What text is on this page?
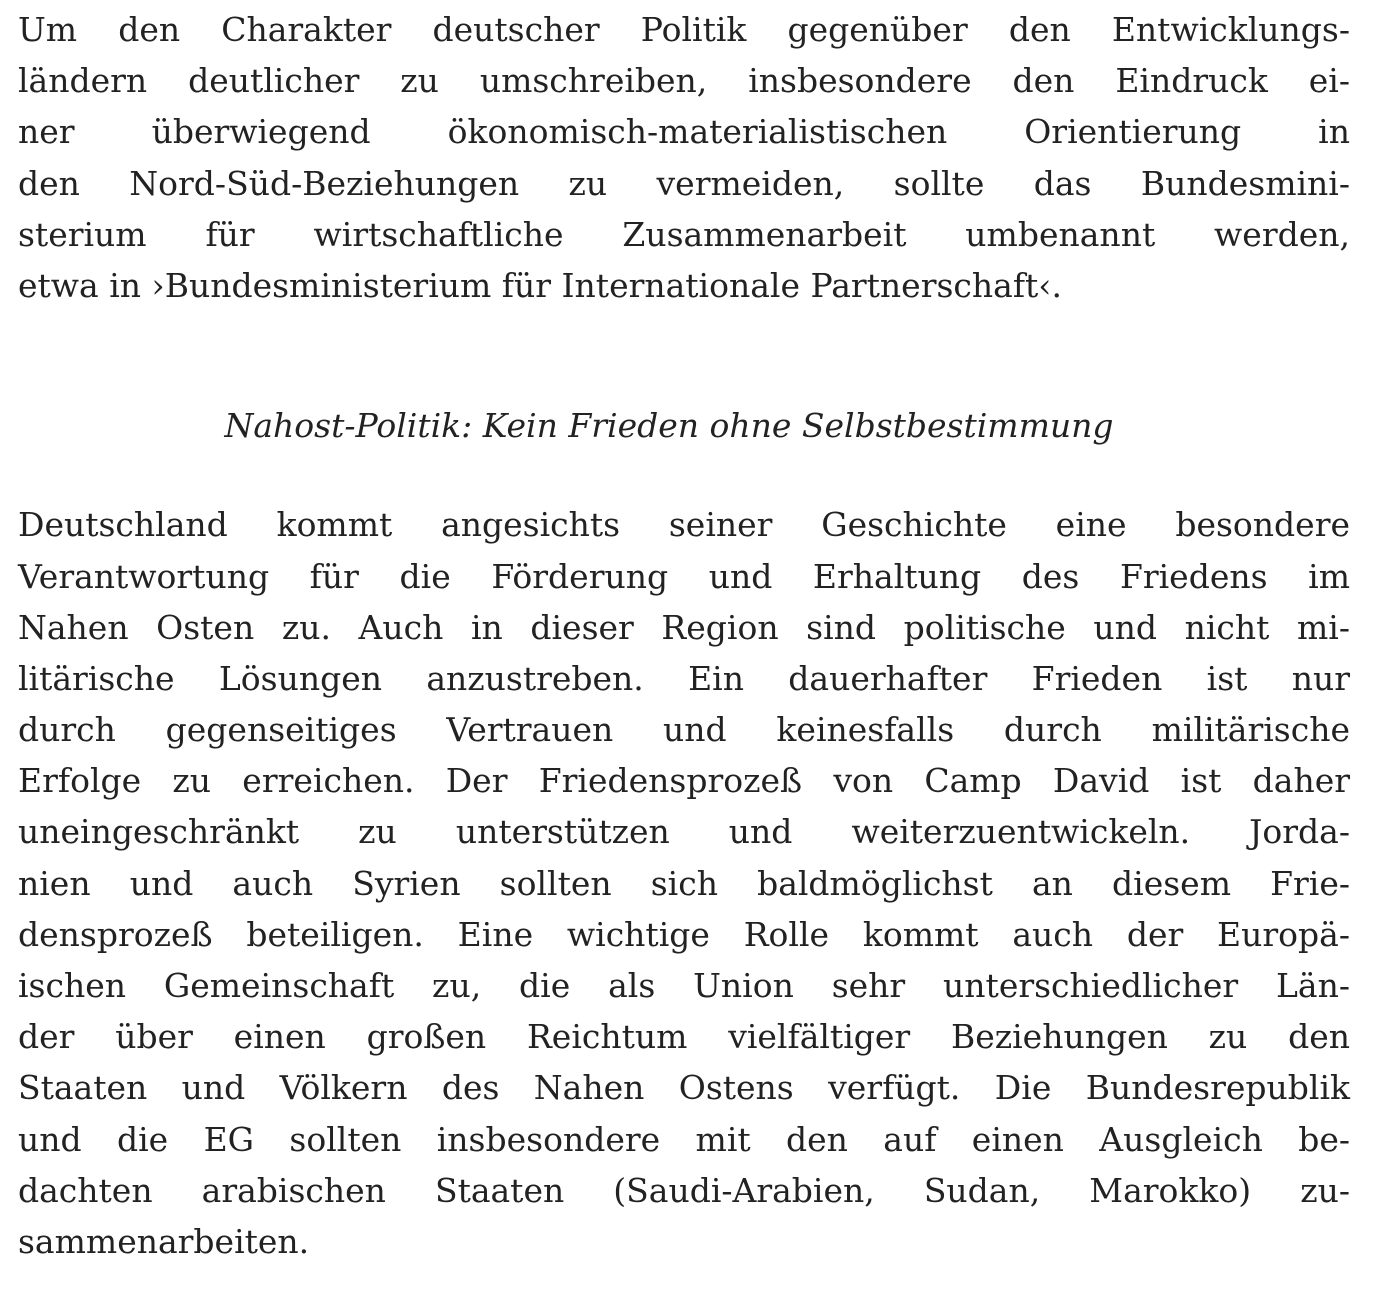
Um den Charakter deutscher Politik gegenüber den Entwicklungs-
ländern deutlicher zu umschreiben, insbesondere den Eindruck ei-
ner überwiegend ökonomisch-materialistischen Orientierung in
den Nord-Süd-Beziehungen zu vermeiden, sollte das Bundesmini-
sterium für wirtschaftliche Zusammenarbeit umbenannt werden,
etwa in ›Bundesministerium für Internationale Partnerschaft‹.
Nahost-Politik: Kein Frieden ohne Selbstbestimmung
Deutschland kommt angesichts seiner Geschichte eine besondere
Verantwortung für die Förderung und Erhaltung des Friedens im
Nahen Osten zu. Auch in dieser Region sind politische und nicht mi-
litärische Lösungen anzustreben. Ein dauerhafter Frieden ist nur
durch gegenseitiges Vertrauen und keinesfalls durch militärische
Erfolge zu erreichen. Der Friedensprozeß von Camp David ist daher
uneingeschränkt zu unterstützen und weiterzuentwickeln. Jorda-
nien und auch Syrien sollten sich baldmöglichst an diesem Frie-
densprozeß beteiligen. Eine wichtige Rolle kommt auch der Europä-
ischen Gemeinschaft zu, die als Union sehr unterschiedlicher Län-
der über einen großen Reichtum vielfältiger Beziehungen zu den
Staaten und Völkern des Nahen Ostens verfügt. Die Bundesrepublik
und die EG sollten insbesondere mit den auf einen Ausgleich be-
dachten arabischen Staaten (Saudi-Arabien, Sudan, Marokko) zu-
sammenarbeiten.
